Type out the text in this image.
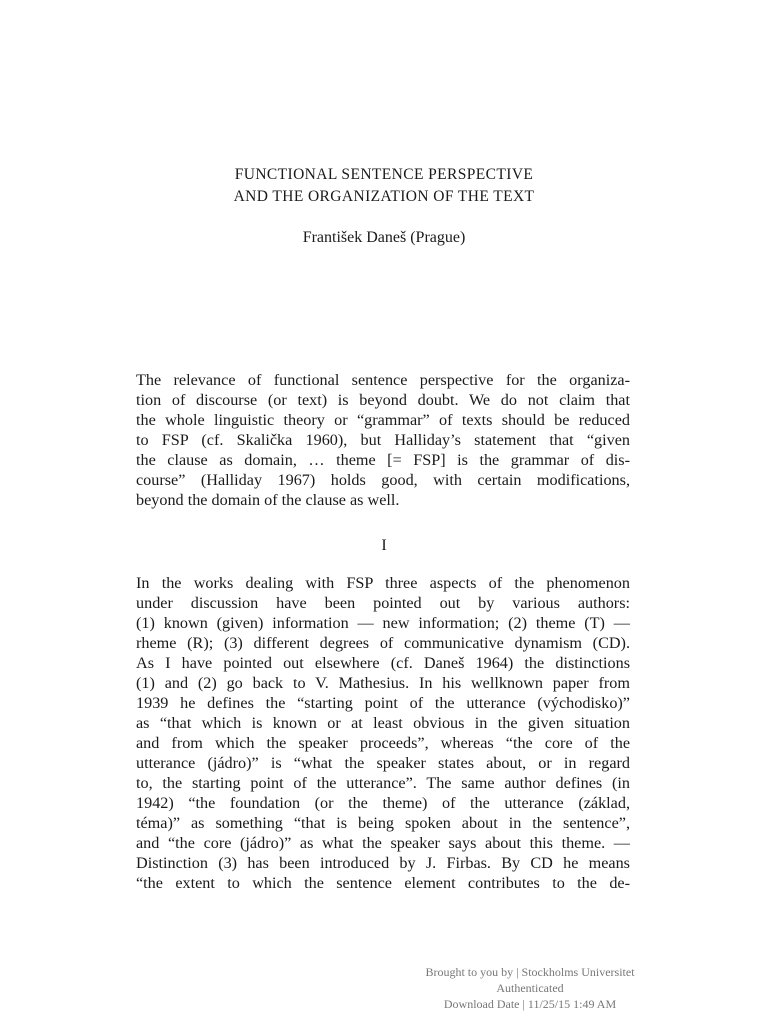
FUNCTIONAL SENTENCE PERSPECTIVE
AND THE ORGANIZATION OF THE TEXT

František Daneš (Prague)

The relevance of functional sentence perspective for the organiza-
tion of discourse (or text) is beyond doubt. We do not claim that
the whole linguistic theory or “grammar” of texts should be reduced
to FSP (cf. Skalička 1960), but Halliday’s statement that “given
the clause as domain, … theme [= FSP] is the grammar of dis-
course” (Halliday 1967) holds good, with certain modifications,
beyond the domain of the clause as well.

I

In the works dealing with FSP three aspects of the phenomenon
under discussion have been pointed out by various authors:
(1) known (given) information — new information; (2) theme (T) —
rheme (R); (3) different degrees of communicative dynamism (CD).
As I have pointed out elsewhere (cf. Daneš 1964) the distinctions
(1) and (2) go back to V. Mathesius. In his wellknown paper from
1939 he defines the “starting point of the utterance (východisko)”
as “that which is known or at least obvious in the given situation
and from which the speaker proceeds”, whereas “the core of the
utterance (jádro)” is “what the speaker states about, or in regard
to, the starting point of the utterance”. The same author defines (in
1942) “the foundation (or the theme) of the utterance (základ,
téma)” as something “that is being spoken about in the sentence”,
and “the core (jádro)” as what the speaker says about this theme. —
Distinction (3) has been introduced by J. Firbas. By CD he means
“the extent to which the sentence element contributes to the de-
Brought to you by | Stockholms Universitet
Authenticated
Download Date | 11/25/15 1:49 AM
